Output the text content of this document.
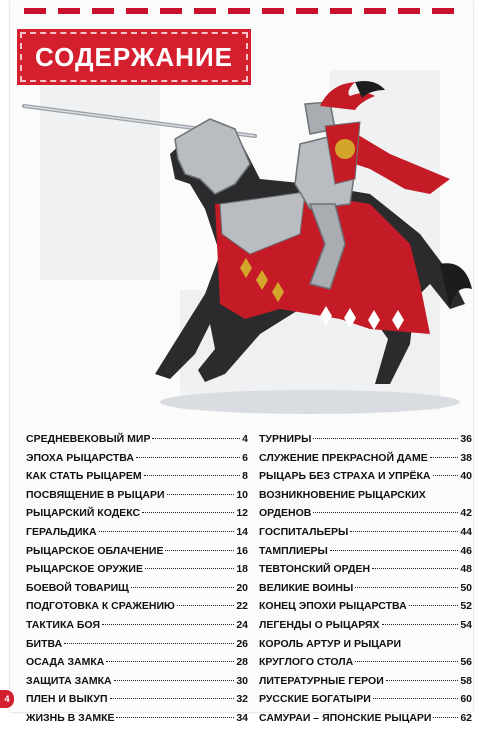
СОДЕРЖАНИЕ
СРЕДНЕВЕКОВЫЙ МИР	4
ЭПОХА РЫЦАРСТВА	6
КАК СТАТЬ РЫЦАРЕМ	8
ПОСВЯЩЕНИЕ В РЫЦАРИ	10
РЫЦАРСКИЙ КОДЕКС	12
ГЕРАЛЬДИКА	14
РЫЦАРСКОЕ ОБЛАЧЕНИЕ	16
РЫЦАРСКОЕ ОРУЖИЕ	18
БОЕВОЙ ТОВАРИЩ	20
ПОДГОТОВКА К СРАЖЕНИЮ	22
ТАКТИКА БОЯ	24
БИТВА	26
ОСАДА ЗАМКА	28
ЗАЩИТА ЗАМКА	30
ПЛЕН И ВЫКУП	32
ЖИЗНЬ В ЗАМКЕ	34
ТУРНИРЫ	36
СЛУЖЕНИЕ ПРЕКРАСНОЙ ДАМЕ	38
РЫЦАРЬ БЕЗ СТРАХА И УПРЁКА	40
ВОЗНИКНОВЕНИЕ РЫЦАРСКИХ
ОРДЕНОВ	42
ГОСПИТАЛЬЕРЫ	44
ТАМПЛИЕРЫ	46
ТЕВТОНСКИЙ ОРДЕН	48
ВЕЛИКИЕ ВОИНЫ	50
КОНЕЦ ЭПОХИ РЫЦАРСТВА	52
ЛЕГЕНДЫ О РЫЦАРЯХ	54
КОРОЛЬ АРТУР И РЫЦАРИ
КРУГЛОГО СТОЛА	56
ЛИТЕРАТУРНЫЕ ГЕРОИ	58
РУССКИЕ БОГАТЫРИ	60
САМУРАИ – ЯПОНСКИЕ РЫЦАРИ	62
4
